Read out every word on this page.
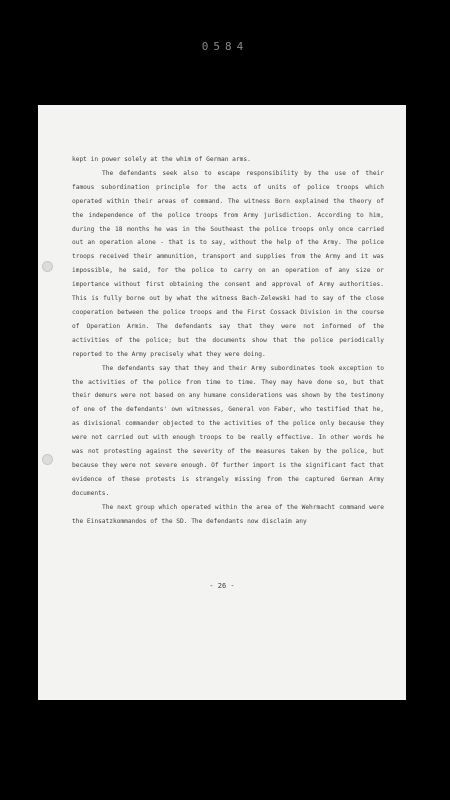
0584

kept in power solely at the whim of German arms.

The defendants seek also to escape responsibility by the use of their famous subordination principle for the acts of units of police troops which operated within their areas of command. The witness Born explained the theory of the independence of the police troops from Army jurisdiction. According to him, during the 18 months he was in the Southeast the police troops only once carried out an operation alone - that is to say, without the help of the Army. The police troops received their ammunition, transport and supplies from the Army and it was impossible, he said, for the police to carry on an operation of any size or importance without first obtaining the consent and approval of Army authorities. This is fully borne out by what the witness Bach-Zelewski had to say of the close cooperation between the police troops and the First Cossack Division in the course of Operation Armin. The defendants say that they were not informed of the activities of the police; but the documents show that the police periodically reported to the Army precisely what they were doing.

The defendants say that they and their Army subordinates took exception to the activities of the police from time to time. They may have done so, but that their demurs were not based on any humane considerations was shown by the testimony of one of the defendants' own witnesses, General von Faber, who testified that he, as divisional commander objected to the activities of the police only because they were not carried out with enough troops to be really effective. In other words he was not protesting against the severity of the measures taken by the police, but because they were not severe enough. Of further import is the significant fact that evidence of these protests is strangely missing from the captured German Army documents.

The next group which operated within the area of the Wehrmacht command were the Einsatzkommandos of the SD. The defendants now disclaim any

- 26 -
